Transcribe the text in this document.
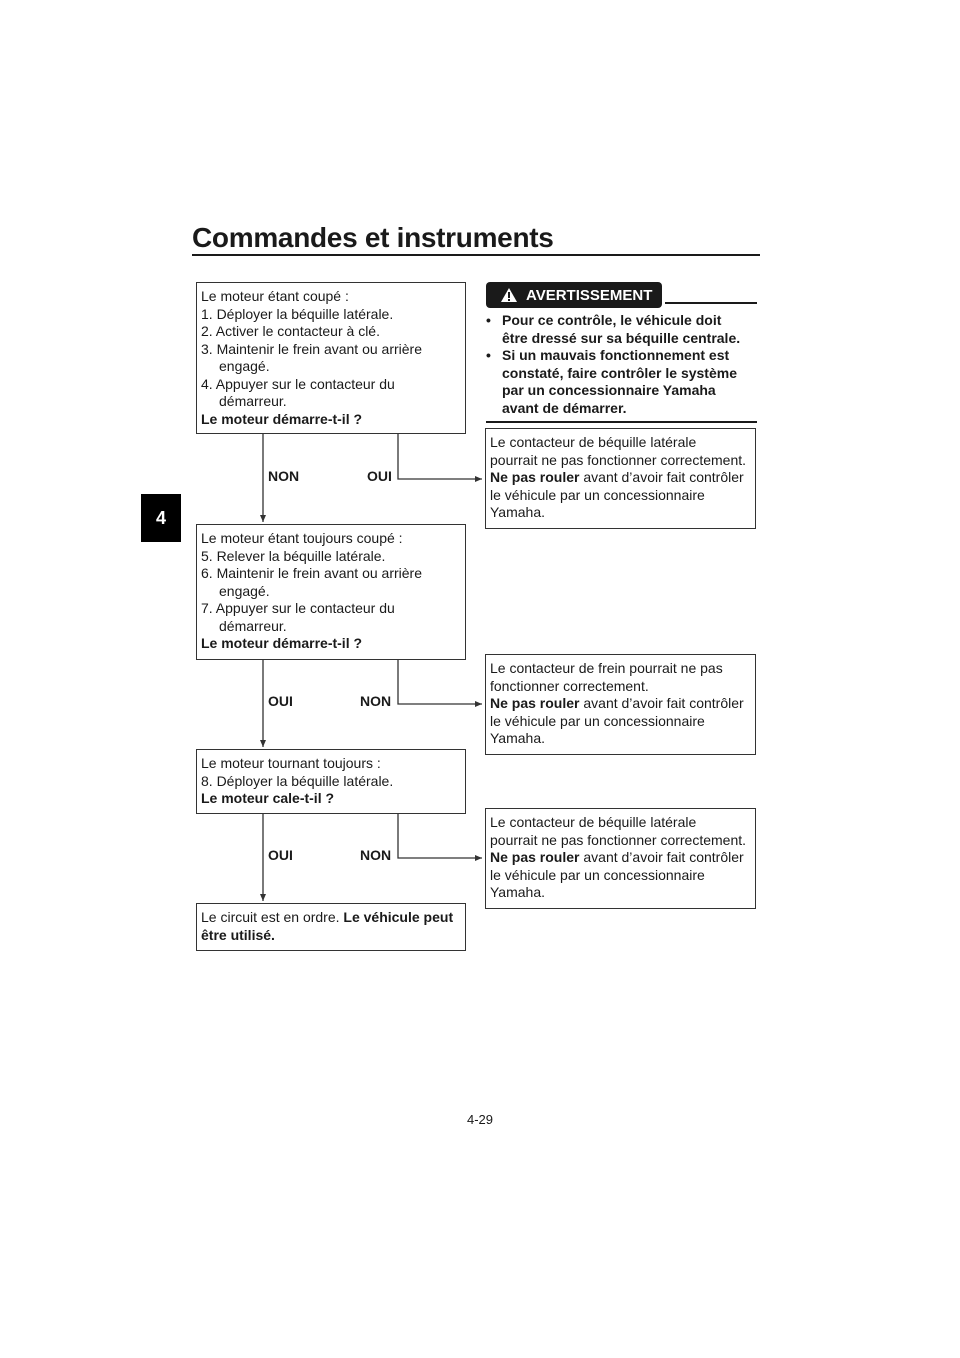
Commandes et instruments
4
Le moteur étant coupé :
1. Déployer la béquille latérale.
2. Activer le contacteur à clé.
3. Maintenir le frein avant ou arrière
engagé.
4. Appuyer sur le contacteur du
démarreur.
Le moteur démarre-t-il ?
NON	OUI
Le moteur étant toujours coupé :
5. Relever la béquille latérale.
6. Maintenir le frein avant ou arrière
engagé.
7. Appuyer sur le contacteur du
démarreur.
Le moteur démarre-t-il ?
OUI	NON
Le moteur tournant toujours :
8. Déployer la béquille latérale.
Le moteur cale-t-il ?
OUI	NON
Le circuit est en ordre. Le véhicule peut
être utilisé.
AVERTISSEMENT
• Pour ce contrôle, le véhicule doit
être dressé sur sa béquille centrale.
• Si un mauvais fonctionnement est
constaté, faire contrôler le système
par un concessionnaire Yamaha
avant de démarrer.
Le contacteur de béquille latérale
pourrait ne pas fonctionner correctement.
Ne pas rouler avant d’avoir fait contrôler
le véhicule par un concessionnaire
Yamaha.
Le contacteur de frein pourrait ne pas
fonctionner correctement.
Ne pas rouler avant d’avoir fait contrôler
le véhicule par un concessionnaire
Yamaha.
Le contacteur de béquille latérale
pourrait ne pas fonctionner correctement.
Ne pas rouler avant d’avoir fait contrôler
le véhicule par un concessionnaire
Yamaha.
4-29
